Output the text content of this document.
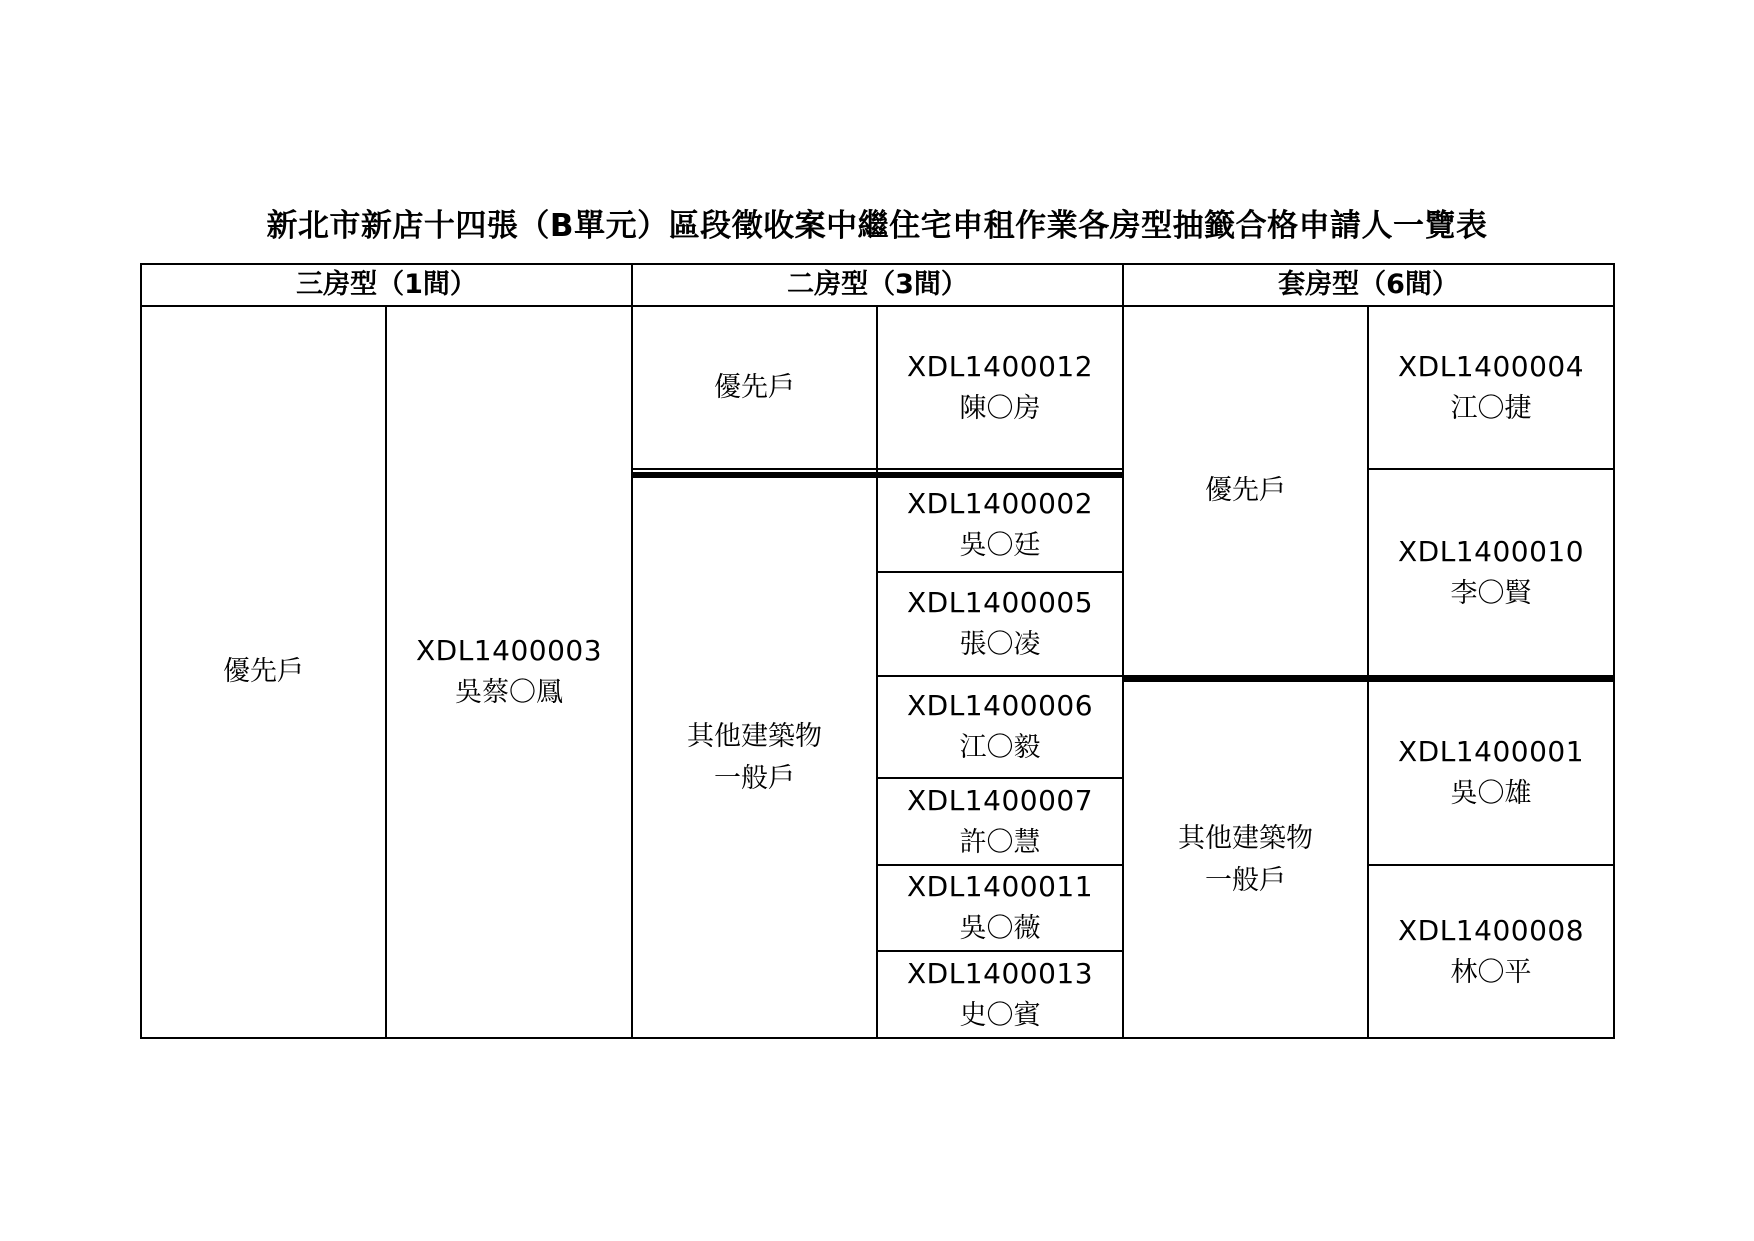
新北市新店十四張（B單元）區段徵收案中繼住宅申租作業各房型抽籤合格申請人一覽表
三房型（1間）	二房型（3間）	套房型（6間）
優先戶
XDL1400003
吳蔡〇鳳
優先戶
XDL1400012
陳〇房
其他建築物
一般戶
XDL1400002
吳〇廷
XDL1400005
張〇凌
XDL1400006
江〇毅
XDL1400007
許〇慧
XDL1400011
吳〇薇
XDL1400013
史〇賓
優先戶
XDL1400004
江〇捷
XDL1400010
李〇賢
其他建築物
一般戶
XDL1400001
吳〇雄
XDL1400008
林〇平
